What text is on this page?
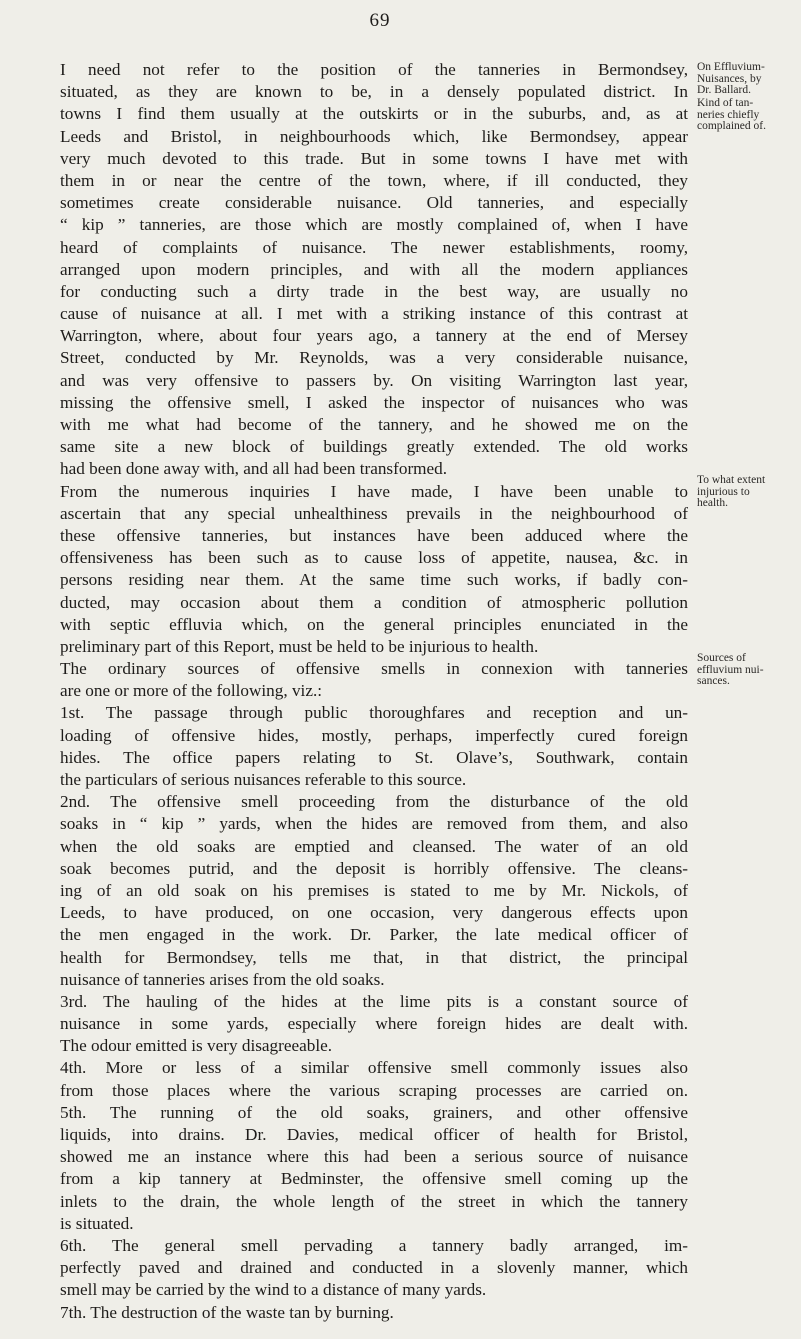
69
I need not refer to the position of the tanneries in Bermondsey,
situated, as they are known to be, in a densely populated district. In
towns I find them usually at the outskirts or in the suburbs, and, as at
Leeds and Bristol, in neighbourhoods which, like Bermondsey, appear
very much devoted to this trade. But in some towns I have met with
them in or near the centre of the town, where, if ill conducted, they
sometimes create considerable nuisance. Old tanneries, and especially
“ kip ” tanneries, are those which are mostly complained of, when I have
heard of complaints of nuisance. The newer establishments, roomy,
arranged upon modern principles, and with all the modern appliances
for conducting such a dirty trade in the best way, are usually no
cause of nuisance at all. I met with a striking instance of this contrast at
Warrington, where, about four years ago, a tannery at the end of Mersey
Street, conducted by Mr. Reynolds, was a very considerable nuisance,
and was very offensive to passers by. On visiting Warrington last year,
missing the offensive smell, I asked the inspector of nuisances who was
with me what had become of the tannery, and he showed me on the
same site a new block of buildings greatly extended. The old works
had been done away with, and all had been transformed.
From the numerous inquiries I have made, I have been unable to
ascertain that any special unhealthiness prevails in the neighbourhood of
these offensive tanneries, but instances have been adduced where the
offensiveness has been such as to cause loss of appetite, nausea, &c. in
persons residing near them. At the same time such works, if badly con-
ducted, may occasion about them a condition of atmospheric pollution
with septic effluvia which, on the general principles enunciated in the
preliminary part of this Report, must be held to be injurious to health.
The ordinary sources of offensive smells in connexion with tanneries
are one or more of the following, viz.:
1st. The passage through public thoroughfares and reception and un-
loading of offensive hides, mostly, perhaps, imperfectly cured foreign
hides. The office papers relating to St. Olave’s, Southwark, contain
the particulars of serious nuisances referable to this source.
2nd. The offensive smell proceeding from the disturbance of the old
soaks in “ kip ” yards, when the hides are removed from them, and also
when the old soaks are emptied and cleansed. The water of an old
soak becomes putrid, and the deposit is horribly offensive. The cleans-
ing of an old soak on his premises is stated to me by Mr. Nickols, of
Leeds, to have produced, on one occasion, very dangerous effects upon
the men engaged in the work. Dr. Parker, the late medical officer of
health for Bermondsey, tells me that, in that district, the principal
nuisance of tanneries arises from the old soaks.
3rd. The hauling of the hides at the lime pits is a constant source of
nuisance in some yards, especially where foreign hides are dealt with.
The odour emitted is very disagreeable.
4th. More or less of a similar offensive smell commonly issues also
from those places where the various scraping processes are carried on.
5th. The running of the old soaks, grainers, and other offensive
liquids, into drains. Dr. Davies, medical officer of health for Bristol,
showed me an instance where this had been a serious source of nuisance
from a kip tannery at Bedminster, the offensive smell coming up the
inlets to the drain, the whole length of the street in which the tannery
is situated.
6th. The general smell pervading a tannery badly arranged, im-
perfectly paved and drained and conducted in a slovenly manner, which
smell may be carried by the wind to a distance of many yards.
7th. The destruction of the waste tan by burning.
On Effluvium-
Nuisances, by
Dr. Ballard.
Kind of tan-
neries chiefly
complained of.
To what extent
injurious to
health.
Sources of
effluvium nui-
sances.
